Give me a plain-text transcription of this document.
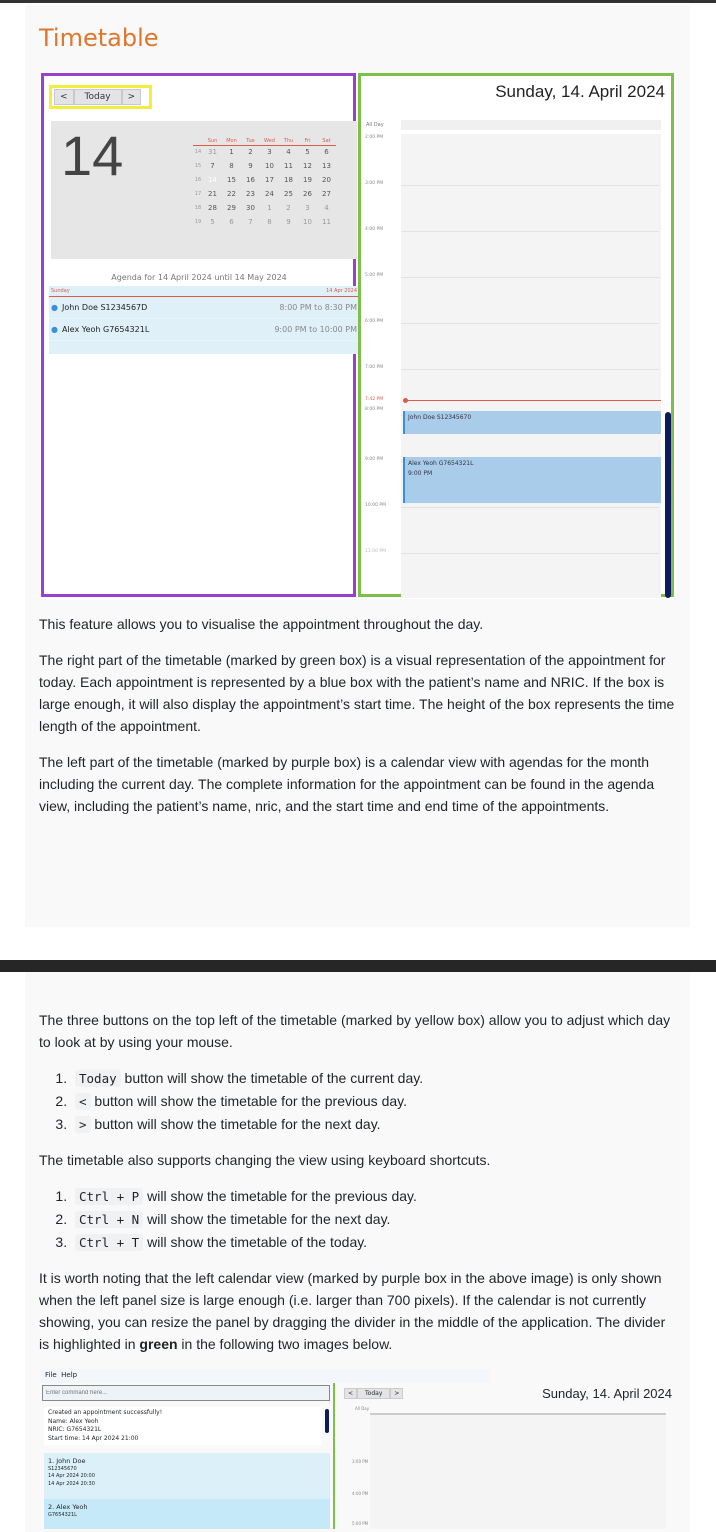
Timetable
<	Today	>
14
		Sun	Mon	Tue	Wed	Thu	Fri	Sat
14	31	1	2	3	4	5	6
15	7	8	9	10	11	12	13
16	14	15	16	17	18	19	20
17	21	22	23	24	25	26	27
18	28	29	30	1	2	3	4
19	5	6	7	8	9	10	11
Agenda for 14 April 2024 until 14 May 2024
Sunday	14 Apr 2024
● John Doe S1234567D	8:00 PM to 8:30 PM
● Alex Yeoh G7654321L	9:00 PM to 10:00 PM
Sunday, 14. April 2024
All Day
2:00 PM
3:00 PM
4:00 PM
5:00 PM
6:00 PM
7:00 PM
8:00 PM
9:00 PM
10:00 PM
11:00 PM
7:42 PM
John Doe S12345670
Alex Yeoh G7654321L
9:00 PM
This feature allows you to visualise the appointment throughout the day.
The right part of the timetable (marked by green box) is a visual representation of the appointment for today. Each appointment is represented by a blue box with the patient’s name and NRIC. If the box is large enough, it will also display the appointment’s start time. The height of the box represents the time length of the appointment.
The left part of the timetable (marked by purple box) is a calendar view with agendas for the month including the current day. The complete information for the appointment can be found in the agenda view, including the patient’s name, nric, and the start time and end time of the appointments.
The three buttons on the top left of the timetable (marked by yellow box) allow you to adjust which day to look at by using your mouse.
1. Today button will show the timetable of the current day.
2. < button will show the timetable for the previous day.
3. > button will show the timetable for the next day.
The timetable also supports changing the view using keyboard shortcuts.
1. Ctrl + P will show the timetable for the previous day.
2. Ctrl + N will show the timetable for the next day.
3. Ctrl + T will show the timetable of the today.
It is worth noting that the left calendar view (marked by purple box in the above image) is only shown when the left panel size is large enough (i.e. larger than 700 pixels). If the calendar is not currently showing, you can resize the panel by dragging the divider in the middle of the application. The divider is highlighted in green in the following two images below.
File Help
Enter command here...
Created an appointment successfully!
Name: Alex Yeoh
NRIC: G7654321L
Start time: 14 Apr 2024 21:00
1. John Doe
S12345670
14 Apr 2024 20:00
14 Apr 2024 20:30
2. Alex Yeoh
G7654321L
<	Today	>	Sunday, 14. April 2024
All Day
3:00 PM
4:00 PM
5:00 PM
